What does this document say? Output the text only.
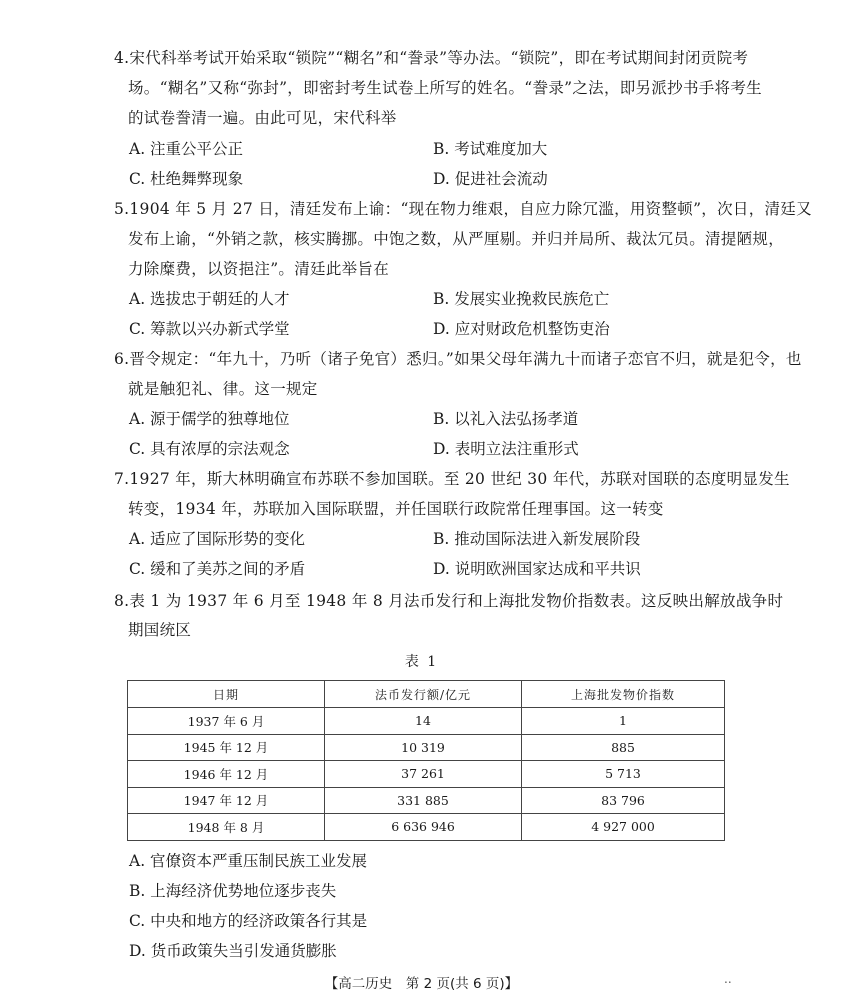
4.宋代科举考试开始采取“锁院”“糊名”和“誊录”等办法。“锁院”，即在考试期间封闭贡院考
场。“糊名”又称“弥封”，即密封考生试卷上所写的姓名。“誊录”之法，即另派抄书手将考生
的试卷誊清一遍。由此可见，宋代科举
A. 注重公平公正	B. 考试难度加大
C. 杜绝舞弊现象	D. 促进社会流动
5.1904 年 5 月 27 日，清廷发布上谕：“现在物力维艰，自应力除冗滥，用资整顿”，次日，清廷又
发布上谕，“外销之款，核实腾挪。中饱之数，从严厘剔。并归并局所、裁汰冗员。清提陋规，
力除糜费，以资挹注”。清廷此举旨在
A. 选拔忠于朝廷的人才	B. 发展实业挽救民族危亡
C. 筹款以兴办新式学堂	D. 应对财政危机整饬吏治
6.晋令规定：“年九十，乃听（诸子免官）悉归。”如果父母年满九十而诸子恋官不归，就是犯令，也
就是触犯礼、律。这一规定
A. 源于儒学的独尊地位	B. 以礼入法弘扬孝道
C. 具有浓厚的宗法观念	D. 表明立法注重形式
7.1927 年，斯大林明确宣布苏联不参加国联。至 20 世纪 30 年代，苏联对国联的态度明显发生
转变，1934 年，苏联加入国际联盟，并任国联行政院常任理事国。这一转变
A. 适应了国际形势的变化	B. 推动国际法进入新发展阶段
C. 缓和了美苏之间的矛盾	D. 说明欧洲国家达成和平共识
8.表 1 为 1937 年 6 月至 1948 年 8 月法币发行和上海批发物价指数表。这反映出解放战争时
期国统区
表 1
日期	法币发行额/亿元	上海批发物价指数
1937 年 6 月	14	1
1945 年 12 月	10 319	885
1946 年 12 月	37 261	5 713
1947 年 12 月	331 885	83 796
1948 年 8 月	6 636 946	4 927 000
A. 官僚资本严重压制民族工业发展
B. 上海经济优势地位逐步丧失
C. 中央和地方的经济政策各行其是
D. 货币政策失当引发通货膨胀
【高二历史　第 2 页(共 6 页)】	..
